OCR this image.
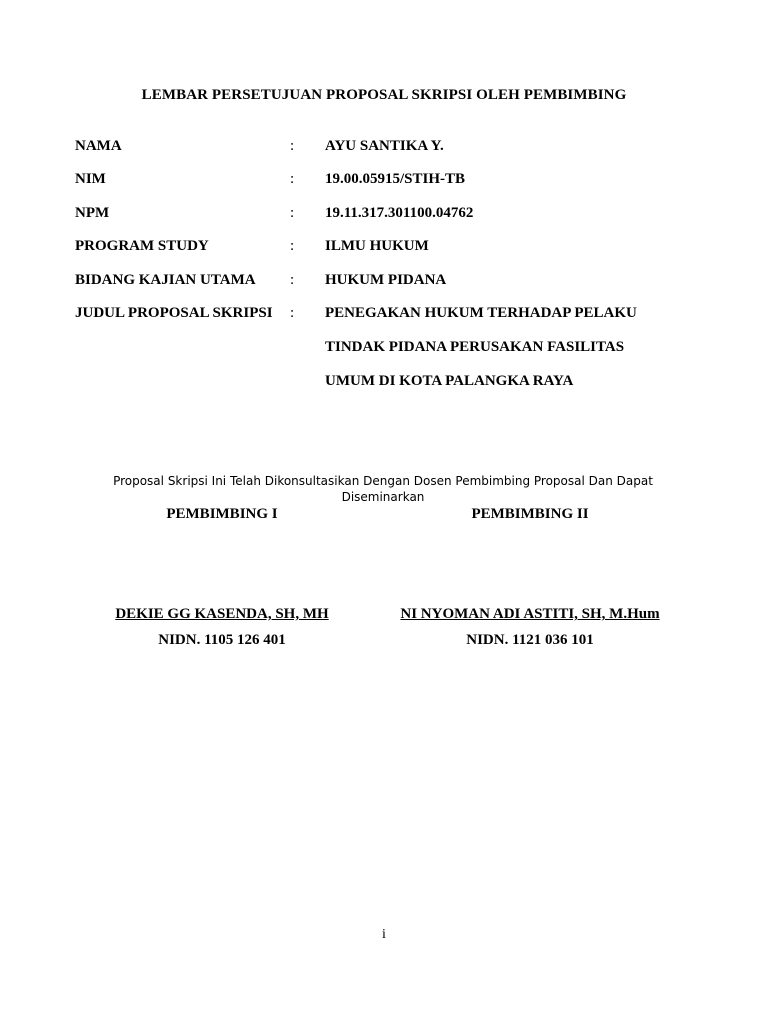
LEMBAR PERSETUJUAN PROPOSAL SKRIPSI OLEH PEMBIMBING
NAMA	: AYU SANTIKA Y.
NIM	: 19.00.05915/STIH-TB
NPM	: 19.11.317.301100.04762
PROGRAM STUDY	: ILMU HUKUM
BIDANG KAJIAN UTAMA : HUKUM PIDANA
JUDUL PROPOSAL SKRIPSI : PENEGAKAN HUKUM TERHADAP PELAKU
TINDAK PIDANA PERUSAKAN FASILITAS
UMUM DI KOTA PALANGKA RAYA
Proposal Skripsi Ini Telah Dikonsultasikan Dengan Dosen Pembimbing Proposal Dan Dapat Diseminarkan
PEMBIMBING I	PEMBIMBING II
DEKIE GG KASENDA, SH, MH	NI NYOMAN ADI ASTITI, SH, M.Hum
NIDN. 1105 126 401	NIDN. 1121 036 101
i
